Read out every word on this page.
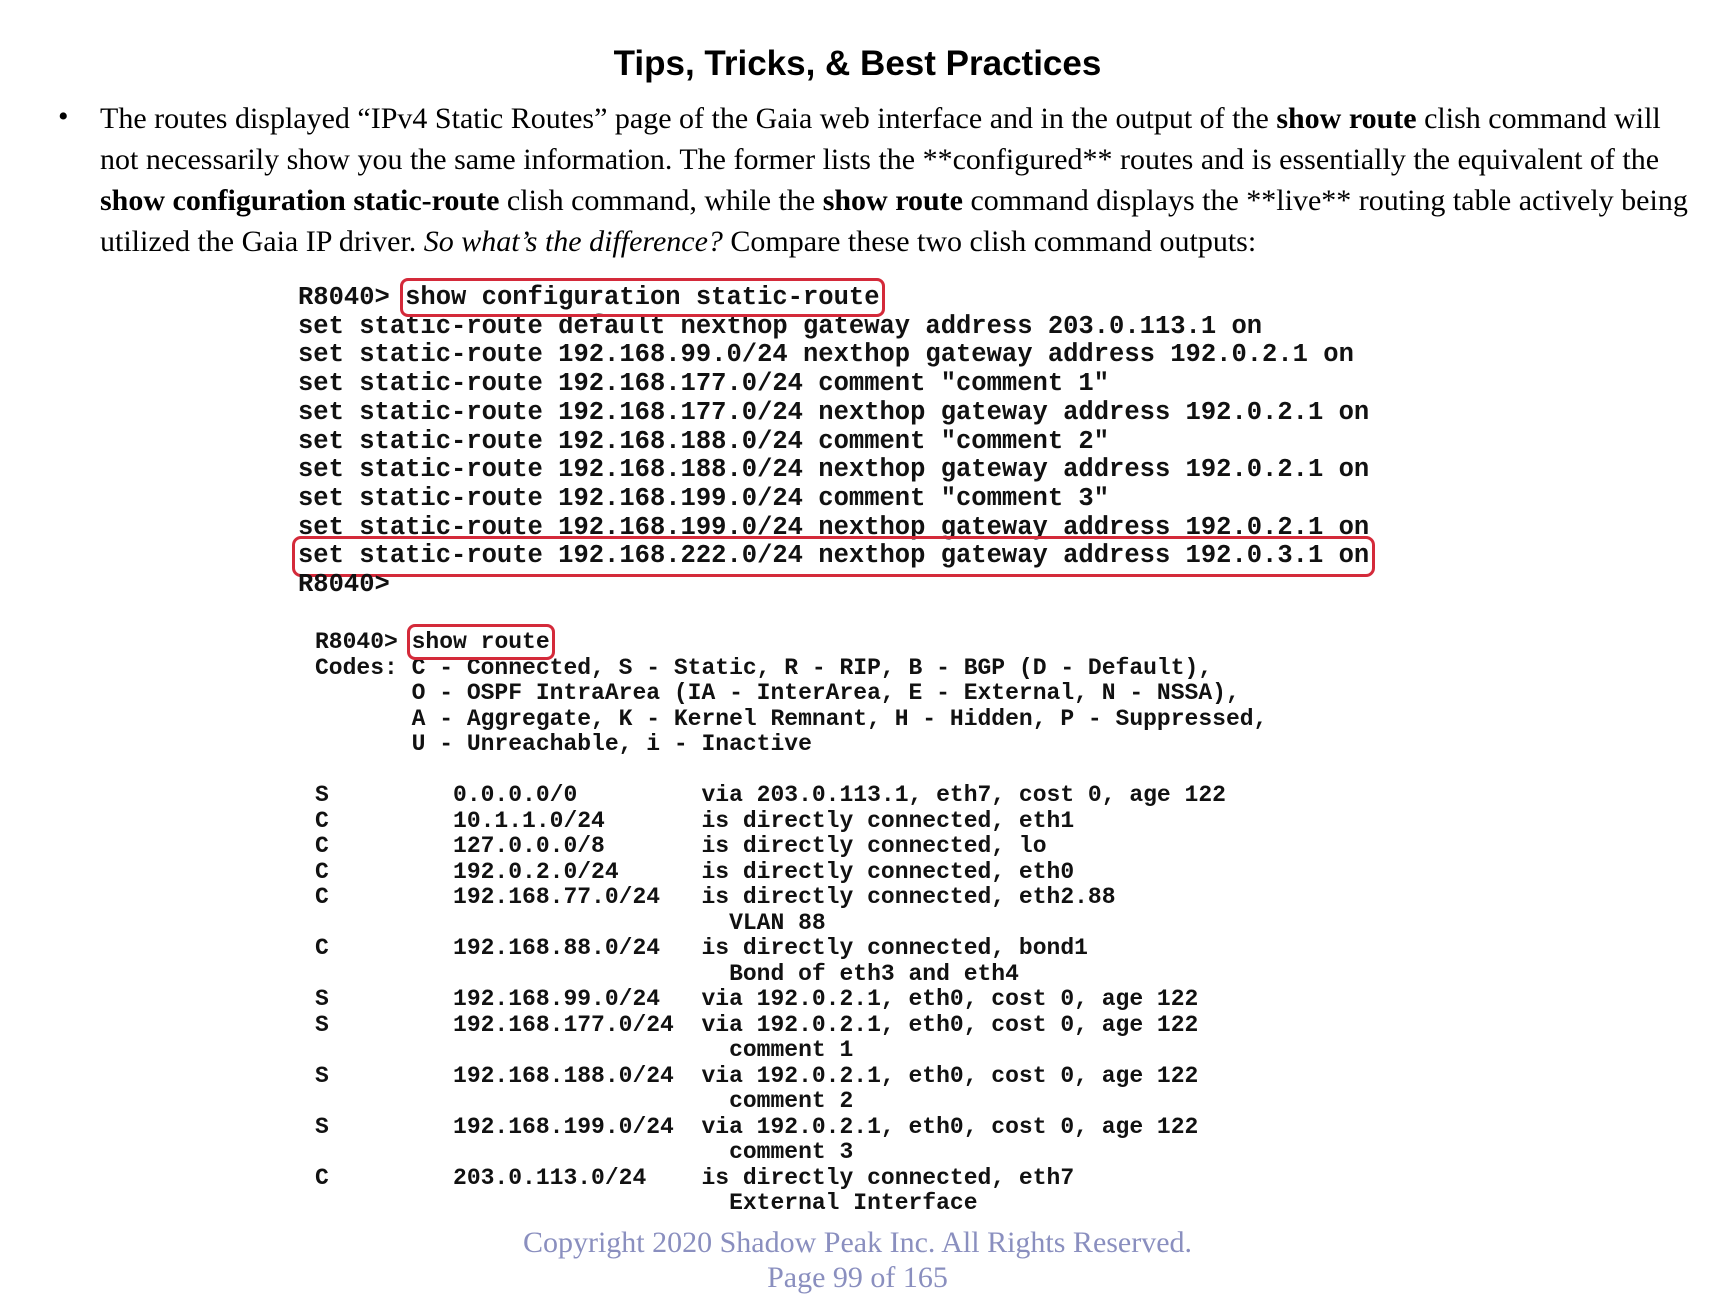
Tips, Tricks, & Best Practices
• The routes displayed “IPv4 Static Routes” page of the Gaia web interface and in the output of the show route clish command will not necessarily show you the same information. The former lists the **configured** routes and is essentially the equivalent of the show configuration static-route clish command, while the show route command displays the **live** routing table actively being utilized the Gaia IP driver. So what’s the difference? Compare these two clish command outputs:
R8040> show configuration static-route
set static-route default nexthop gateway address 203.0.113.1 on
set static-route 192.168.99.0/24 nexthop gateway address 192.0.2.1 on
set static-route 192.168.177.0/24 comment "comment 1"
set static-route 192.168.177.0/24 nexthop gateway address 192.0.2.1 on
set static-route 192.168.188.0/24 comment "comment 2"
set static-route 192.168.188.0/24 nexthop gateway address 192.0.2.1 on
set static-route 192.168.199.0/24 comment "comment 3"
set static-route 192.168.199.0/24 nexthop gateway address 192.0.2.1 on
set static-route 192.168.222.0/24 nexthop gateway address 192.0.3.1 on
R8040>
R8040> show route
Codes: C - Connected, S - Static, R - RIP, B - BGP (D - Default),
O - OSPF IntraArea (IA - InterArea, E - External, N - NSSA),
A - Aggregate, K - Kernel Remnant, H - Hidden, P - Suppressed,
U - Unreachable, i - Inactive

S         0.0.0.0/0         via 203.0.113.1, eth7, cost 0, age 122
C         10.1.1.0/24       is directly connected, eth1
C         127.0.0.0/8       is directly connected, lo
C         192.0.2.0/24      is directly connected, eth0
C         192.168.77.0/24   is directly connected, eth2.88
VLAN 88
C         192.168.88.0/24   is directly connected, bond1
Bond of eth3 and eth4
S         192.168.99.0/24   via 192.0.2.1, eth0, cost 0, age 122
S         192.168.177.0/24  via 192.0.2.1, eth0, cost 0, age 122
comment 1
S         192.168.188.0/24  via 192.0.2.1, eth0, cost 0, age 122
comment 2
S         192.168.199.0/24  via 192.0.2.1, eth0, cost 0, age 122
comment 3
C         203.0.113.0/24    is directly connected, eth7
External Interface
Copyright 2020 Shadow Peak Inc. All Rights Reserved.
Page 99 of 165
